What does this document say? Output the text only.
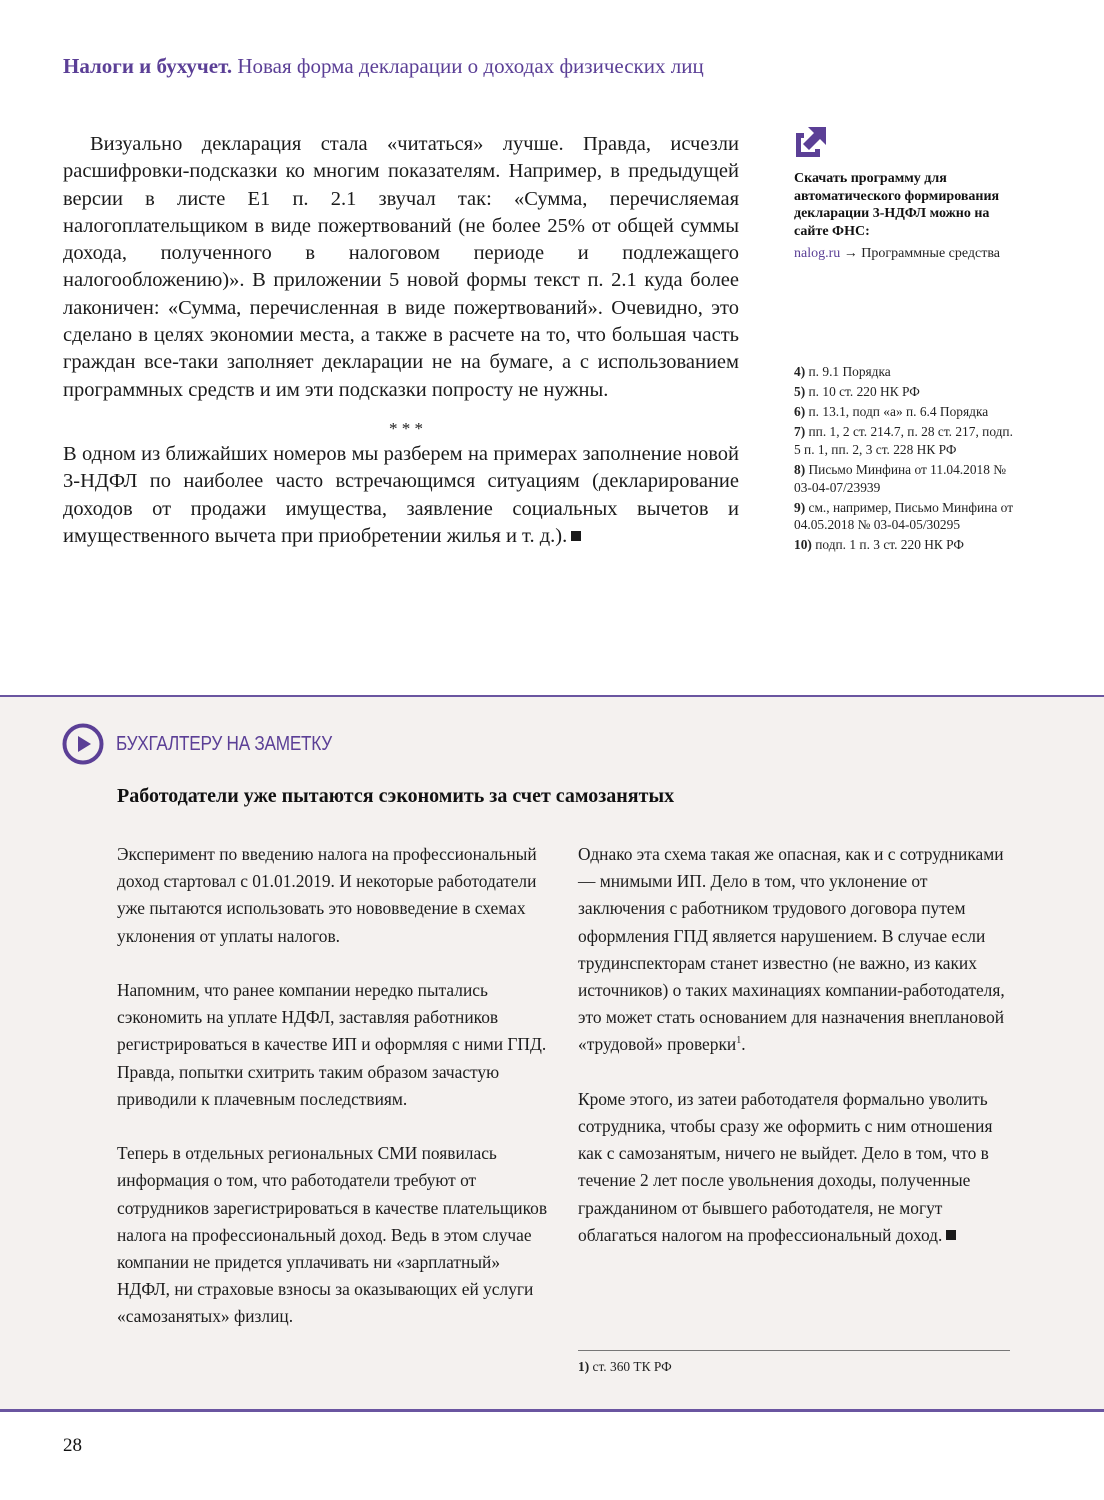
Налоги и бухучет. Новая форма декларации о доходах физических лиц

Визуально декларация стала «читаться» лучше. Правда, исчезли расшифровки-подсказки ко многим показателям. Например, в предыдущей версии в листе Е1 п. 2.1 звучал так: «Сумма, перечисляемая налогоплательщиком в виде пожертвований (не более 25% от общей суммы дохода, полученного в налоговом периоде и подлежащего налогообложению)». В приложении 5 новой формы текст п. 2.1 куда более лаконичен: «Сумма, перечисленная в виде пожертвований». Очевидно, это сделано в целях экономии места, а также в расчете на то, что большая часть граждан все-таки заполняет декларации не на бумаге, а с использованием программных средств и им эти подсказки попросту не нужны.

* * *

В одном из ближайших номеров мы разберем на примерах заполнение новой 3-НДФЛ по наиболее часто встречающимся ситуациям (декларирование доходов от продажи имущества, заявление социальных вычетов и имущественного вычета при приобретении жилья и т. д.).

Скачать программу для автоматического формирования декларации 3-НДФЛ можно на сайте ФНС:
nalog.ru → Программные средства
4) п. 9.1 Порядка
5) п. 10 ст. 220 НК РФ
6) п. 13.1, подп «а» п. 6.4 Порядка
7) пп. 1, 2 ст. 214.7, п. 28 ст. 217, подп. 5 п. 1, пп. 2, 3 ст. 228 НК РФ
8) Письмо Минфина от 11.04.2018 № 03-04-07/23939
9) см., например, Письмо Минфина от 04.05.2018 № 03-04-05/30295
10) подп. 1 п. 3 ст. 220 НК РФ
БУХГАЛТЕРУ НА ЗАМЕТКУ
Работодатели уже пытаются сэкономить за счет самозанятых

Эксперимент по введению налога на профессиональный доход стартовал с 01.01.2019. И некоторые работодатели уже пытаются использовать это нововведение в схемах уклонения от уплаты налогов.

Напомним, что ранее компании нередко пытались сэкономить на уплате НДФЛ, заставляя работников регистрироваться в качестве ИП и оформляя с ними ГПД. Правда, попытки схитрить таким образом зачастую приводили к плачевным последствиям.

Теперь в отдельных региональных СМИ появилась информация о том, что работодатели требуют от сотрудников зарегистрироваться в качестве плательщиков налога на профессиональный доход. Ведь в этом случае компании не придется уплачивать ни «зарплатный» НДФЛ, ни страховые взносы за оказывающих ей услуги «самозанятых» физлиц.

Однако эта схема такая же опасная, как и с сотрудниками — мнимыми ИП. Дело в том, что уклонение от заключения с работником трудового договора путем оформления ГПД является нарушением. В случае если трудинспекторам станет известно (не важно, из каких источников) о таких махинациях компании-работодателя, это может стать основанием для назначения внеплановой «трудовой» проверки$^1$.

Кроме этого, из затеи работодателя формально уволить сотрудника, чтобы сразу же оформить с ним отношения как с самозанятым, ничего не выйдет. Дело в том, что в течение 2 лет после увольнения доходы, полученные гражданином от бывшего работодателя, не могут облагаться налогом на профессиональный доход.

1) ст. 360 ТК РФ
28
